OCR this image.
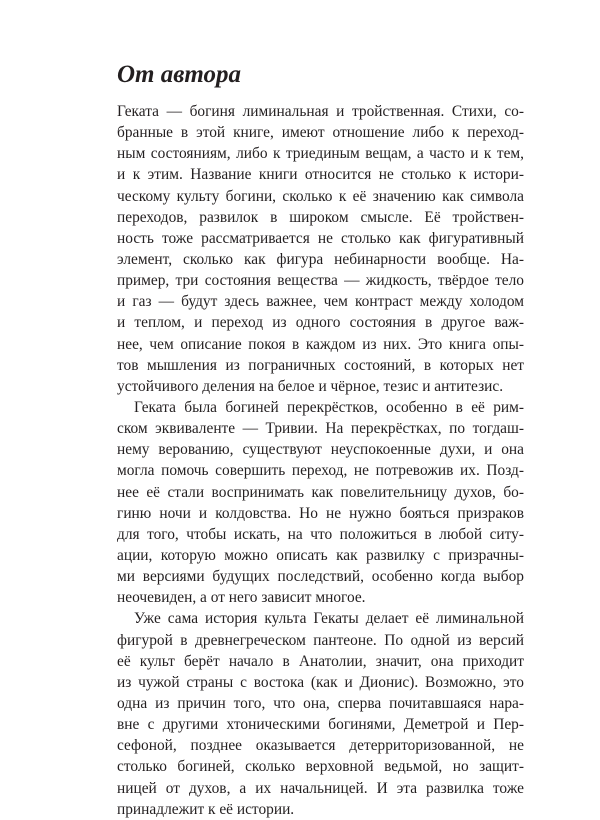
От автора
Геката — богиня лиминальная и тройственная. Стихи, со-
бранные в этой книге, имеют отношение либо к переход-
ным состояниям, либо к триединым вещам, а часто и к тем,
и к этим. Название книги относится не столько к истори-
ческому культу богини, сколько к её значению как символа
переходов, развилок в широком смысле. Её тройствен-
ность тоже рассматривается не столько как фигуративный
элемент, сколько как фигура небинарности вообще. На-
пример, три состояния вещества — жидкость, твёрдое тело
и газ — будут здесь важнее, чем контраст между холодом
и теплом, и переход из одного состояния в другое важ-
нее, чем описание покоя в каждом из них. Это книга опы-
тов мышления из пограничных состояний, в которых нет
устойчивого деления на белое и чёрное, тезис и антитезис.
Геката была богиней перекрёстков, особенно в её рим-
ском эквиваленте — Тривии. На перекрёстках, по тогдаш-
нему верованию, существуют неуспокоенные духи, и она
могла помочь совершить переход, не потревожив их. Позд-
нее её стали воспринимать как повелительницу духов, бо-
гиню ночи и колдовства. Но не нужно бояться призраков
для того, чтобы искать, на что положиться в любой ситу-
ации, которую можно описать как развилку с призрачны-
ми версиями будущих последствий, особенно когда выбор
неочевиден, а от него зависит многое.
Уже сама история культа Гекаты делает её лиминальной
фигурой в древнегреческом пантеоне. По одной из версий
её культ берёт начало в Анатолии, значит, она приходит
из чужой страны с востока (как и Дионис). Возможно, это
одна из причин того, что она, сперва почитавшаяся нара-
вне с другими хтоническими богинями, Деметрой и Пер-
сефоной, позднее оказывается детерриторизованной, не
столько богиней, сколько верховной ведьмой, но защит-
ницей от духов, а их начальницей. И эта развилка тоже
принадлежит к её истории.
